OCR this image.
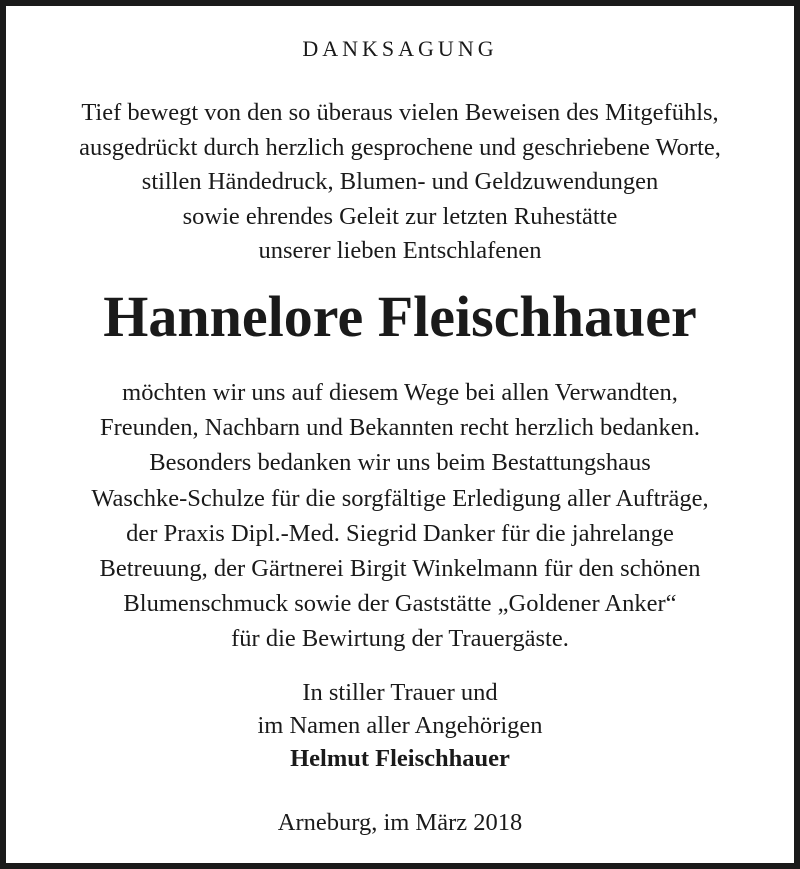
DANKSAGUNG
Tief bewegt von den so überaus vielen Beweisen des Mitgefühls,
ausgedrückt durch herzlich gesprochene und geschriebene Worte,
stillen Händedruck, Blumen- und Geldzuwendungen
sowie ehrendes Geleit zur letzten Ruhestätte
unserer lieben Entschlafenen
Hannelore Fleischhauer
möchten wir uns auf diesem Wege bei allen Verwandten,
Freunden, Nachbarn und Bekannten recht herzlich bedanken.
Besonders bedanken wir uns beim Bestattungshaus
Waschke-Schulze für die sorgfältige Erledigung aller Aufträge,
der Praxis Dipl.-Med. Siegrid Danker für die jahrelange
Betreuung, der Gärtnerei Birgit Winkelmann für den schönen
Blumenschmuck sowie der Gaststätte „Goldener Anker“
für die Bewirtung der Trauergäste.
In stiller Trauer und
im Namen aller Angehörigen
Helmut Fleischhauer
Arneburg, im März 2018
